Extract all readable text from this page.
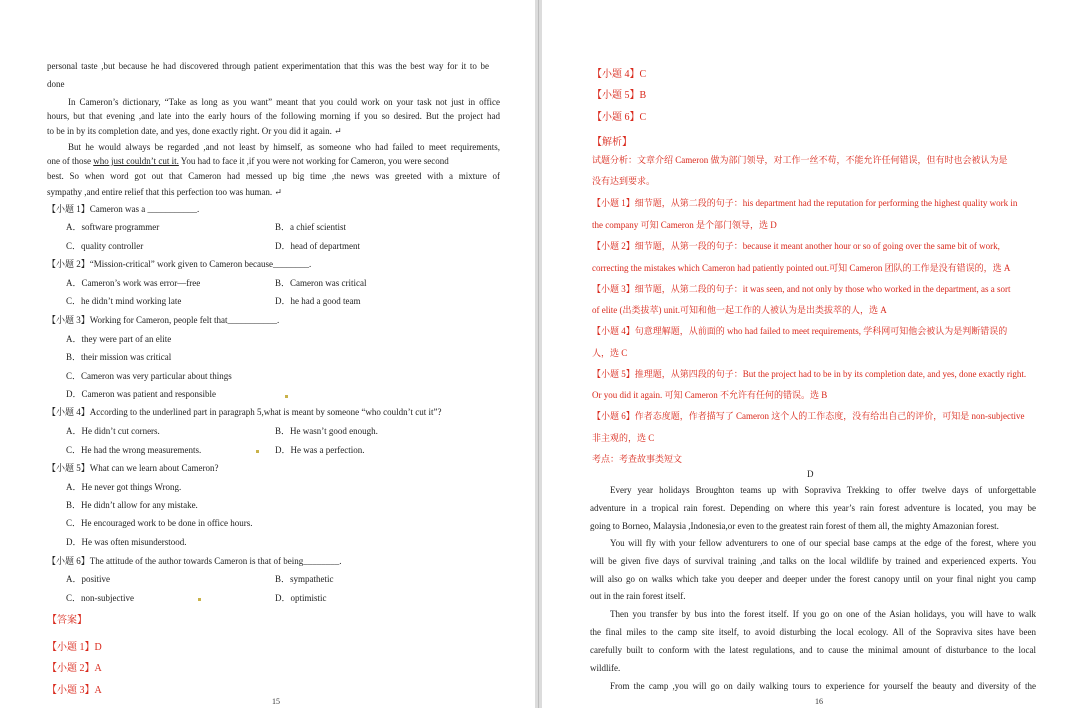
personal taste ,but because he had discovered through patient experimentation that this was the best way for it to be
done
In Cameron’s dictionary, “Take as long as you want” meant that you could work on your task not just in office
hours, but that evening ,and late into the early hours of the following morning if you so desired. But the project had
to be in by its completion date, and yes, done exactly right. Or you did it again. ↵
But he would always be regarded ,and not least by himself, as someone who had failed to meet requirements,
one of those who just couldn’t cut it. You had to face it ,if you were not working for Cameron, you were second
best. So when word got out that Cameron had messed up big time ,the news was greeted with a mixture of
sympathy ,and entire relief that this perfection too was human. ↵
【小题 1】Cameron was a ___________.
A．software programmer	B．a chief scientist
C．quality controller	D．head of department
【小题 2】“Mission-critical” work given to Cameron because________.
A．Cameron’s work was error—free	B．Cameron was critical
C．he didn’t mind working late	D．he had a good team
【小题 3】Working for Cameron, people felt that___________.
A．they were part of an elite
B．their mission was critical
C．Cameron was very particular about things
D．Cameron was patient and responsible
【小题 4】According to the underlined part in paragraph 5,what is meant by someone “who couldn’t cut it”?
A．He didn’t cut corners.	B．He wasn’t good enough.
C．He had the wrong measurements.	D．He was a perfection.
【小题 5】What can we learn about Cameron?
A．He never got things Wrong.
B．He didn’t allow for any mistake.
C．He encouraged work to be done in office hours.
D．He was often misunderstood.
【小题 6】The attitude of the author towards Cameron is that of being________.
A．positive	B．sympathetic
C．non-subjective	D．optimistic
【答案】
【小题 1】D
【小题 2】A
【小题 3】A
15
【小题 4】C
【小题 5】B
【小题 6】C
【解析】
试题分析：文章介绍 Cameron 做为部门领导，对工作一丝不苟，不能允许任何错误，但有时也会被认为是
没有达到要求。
【小题 1】细节题，从第二段的句子：his department had the reputation for performing the highest quality work in
the company 可知 Cameron 是个部门领导，选 D
【小题 2】细节题，从第一段的句子：because it meant another hour or so of going over the same bit of work,
correcting the mistakes which Cameron had patiently pointed out.可知 Cameron 团队的工作是没有错误的，选 A
【小题 3】细节题，从第二段的句子：it was seen, and not only by those who worked in the department, as a sort
of elite (出类拔萃) unit.可知和他一起工作的人被认为是出类拔萃的人，选 A
【小题 4】句意理解题，从前面的 who had failed to meet requirements, 学科网可知他会被认为是判断错误的
人，选 C
【小题 5】推理题，从第四段的句子：But the project had to be in by its completion date, and yes, done exactly right.
Or you did it again. 可知 Cameron 不允许有任何的错误。选 B
【小题 6】作者态度题，作者描写了 Cameron 这个人的工作态度，没有给出自己的评价，可知是 non-subjective
非主观的，选 C
考点：考查故事类短文
D
Every year holidays Broughton teams up with Sopraviva Trekking to offer twelve days of unforgettable
adventure in a tropical rain forest. Depending on where this year’s rain forest adventure is located, you may be
going to Borneo, Malaysia ,Indonesia,or even to the greatest rain forest of them all, the mighty Amazonian forest.
You will fly with your fellow adventurers to one of our special base camps at the edge of the forest, where you
will be given five days of survival training ,and talks on the local wildlife by trained and experienced experts. You
will also go on walks which take you deeper and deeper under the forest canopy until on your final night you camp
out in the rain forest itself.
Then you transfer by bus into the forest itself. If you go on one of the Asian holidays, you will have to walk
the final miles to the camp site itself, to avoid disturbing the local ecology. All of the Sopraviva sites have been
carefully built to conform with the latest regulations, and to cause the minimal amount of disturbance to the local
wildlife.
From the camp ,you will go on daily walking tours to experience for yourself the beauty and diversity of the
16
